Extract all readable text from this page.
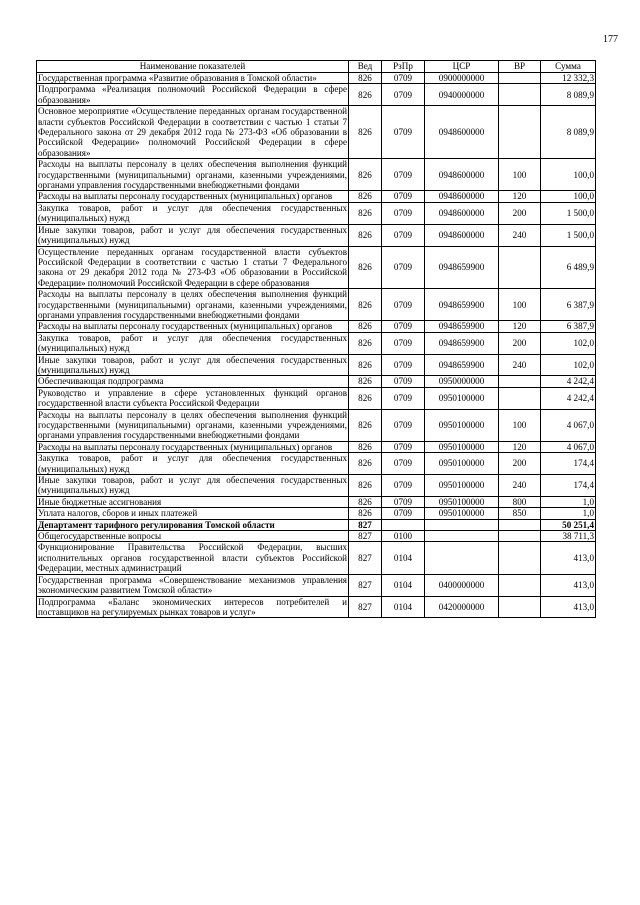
177
Наименование показателей	Вед	РзПр	ЦСР	ВР	Сумма
Государственная программа «Развитие образования в Томской области»	826	0709	0900000000		12 332,3
Подпрограмма «Реализация полномочий Российской Федерации в сфере образования»	826	0709	0940000000		8 089,9
Основное мероприятие «Осуществление переданных органам государственной власти субъектов Российской Федерации в соответствии с частью 1 статьи 7 Федерального закона от 29 декабря 2012 года № 273-ФЗ «Об образовании в Российской Федерации» полномочий Российской Федерации в сфере образования»	826	0709	0948600000		8 089,9
Расходы на выплаты персоналу в целях обеспечения выполнения функций государственными (муниципальными) органами, казенными учреждениями, органами управления государственными внебюджетными фондами	826	0709	0948600000	100	100,0
Расходы на выплаты персоналу государственных (муниципальных) органов	826	0709	0948600000	120	100,0
Закупка товаров, работ и услуг для обеспечения государственных (муниципальных) нужд	826	0709	0948600000	200	1 500,0
Иные закупки товаров, работ и услуг для обеспечения государственных (муниципальных) нужд	826	0709	0948600000	240	1 500,0
Осуществление переданных органам государственной власти субъектов Российской Федерации в соответствии с частью 1 статьи 7 Федерального закона от 29 декабря 2012 года № 273-ФЗ «Об образовании в Российской Федерации» полномочий Российской Федерации в сфере образования	826	0709	0948659900		6 489,9
Расходы на выплаты персоналу в целях обеспечения выполнения функций государственными (муниципальными) органами, казенными учреждениями, органами управления государственными внебюджетными фондами	826	0709	0948659900	100	6 387,9
Расходы на выплаты персоналу государственных (муниципальных) органов	826	0709	0948659900	120	6 387,9
Закупка товаров, работ и услуг для обеспечения государственных (муниципальных) нужд	826	0709	0948659900	200	102,0
Иные закупки товаров, работ и услуг для обеспечения государственных (муниципальных) нужд	826	0709	0948659900	240	102,0
Обеспечивающая подпрограмма	826	0709	0950000000		4 242,4
Руководство и управление в сфере установленных функций органов государственной власти субъекта Российской Федерации	826	0709	0950100000		4 242,4
Расходы на выплаты персоналу в целях обеспечения выполнения функций государственными (муниципальными) органами, казенными учреждениями, органами управления государственными внебюджетными фондами	826	0709	0950100000	100	4 067,0
Расходы на выплаты персоналу государственных (муниципальных) органов	826	0709	0950100000	120	4 067,0
Закупка товаров, работ и услуг для обеспечения государственных (муниципальных) нужд	826	0709	0950100000	200	174,4
Иные закупки товаров, работ и услуг для обеспечения государственных (муниципальных) нужд	826	0709	0950100000	240	174,4
Иные бюджетные ассигнования	826	0709	0950100000	800	1,0
Уплата налогов, сборов и иных платежей	826	0709	0950100000	850	1,0
Департамент тарифного регулирования Томской области	827				50 251,4
Общегосударственные вопросы	827	0100			38 711,3
Функционирование Правительства Российской Федерации, высших исполнительных органов государственной власти субъектов Российской Федерации, местных администраций	827	0104			413,0
Государственная программа «Совершенствование механизмов управления экономическим развитием Томской области»	827	0104	0400000000		413,0
Подпрограмма «Баланс экономических интересов потребителей и поставщиков на регулируемых рынках товаров и услуг»	827	0104	0420000000		413,0
